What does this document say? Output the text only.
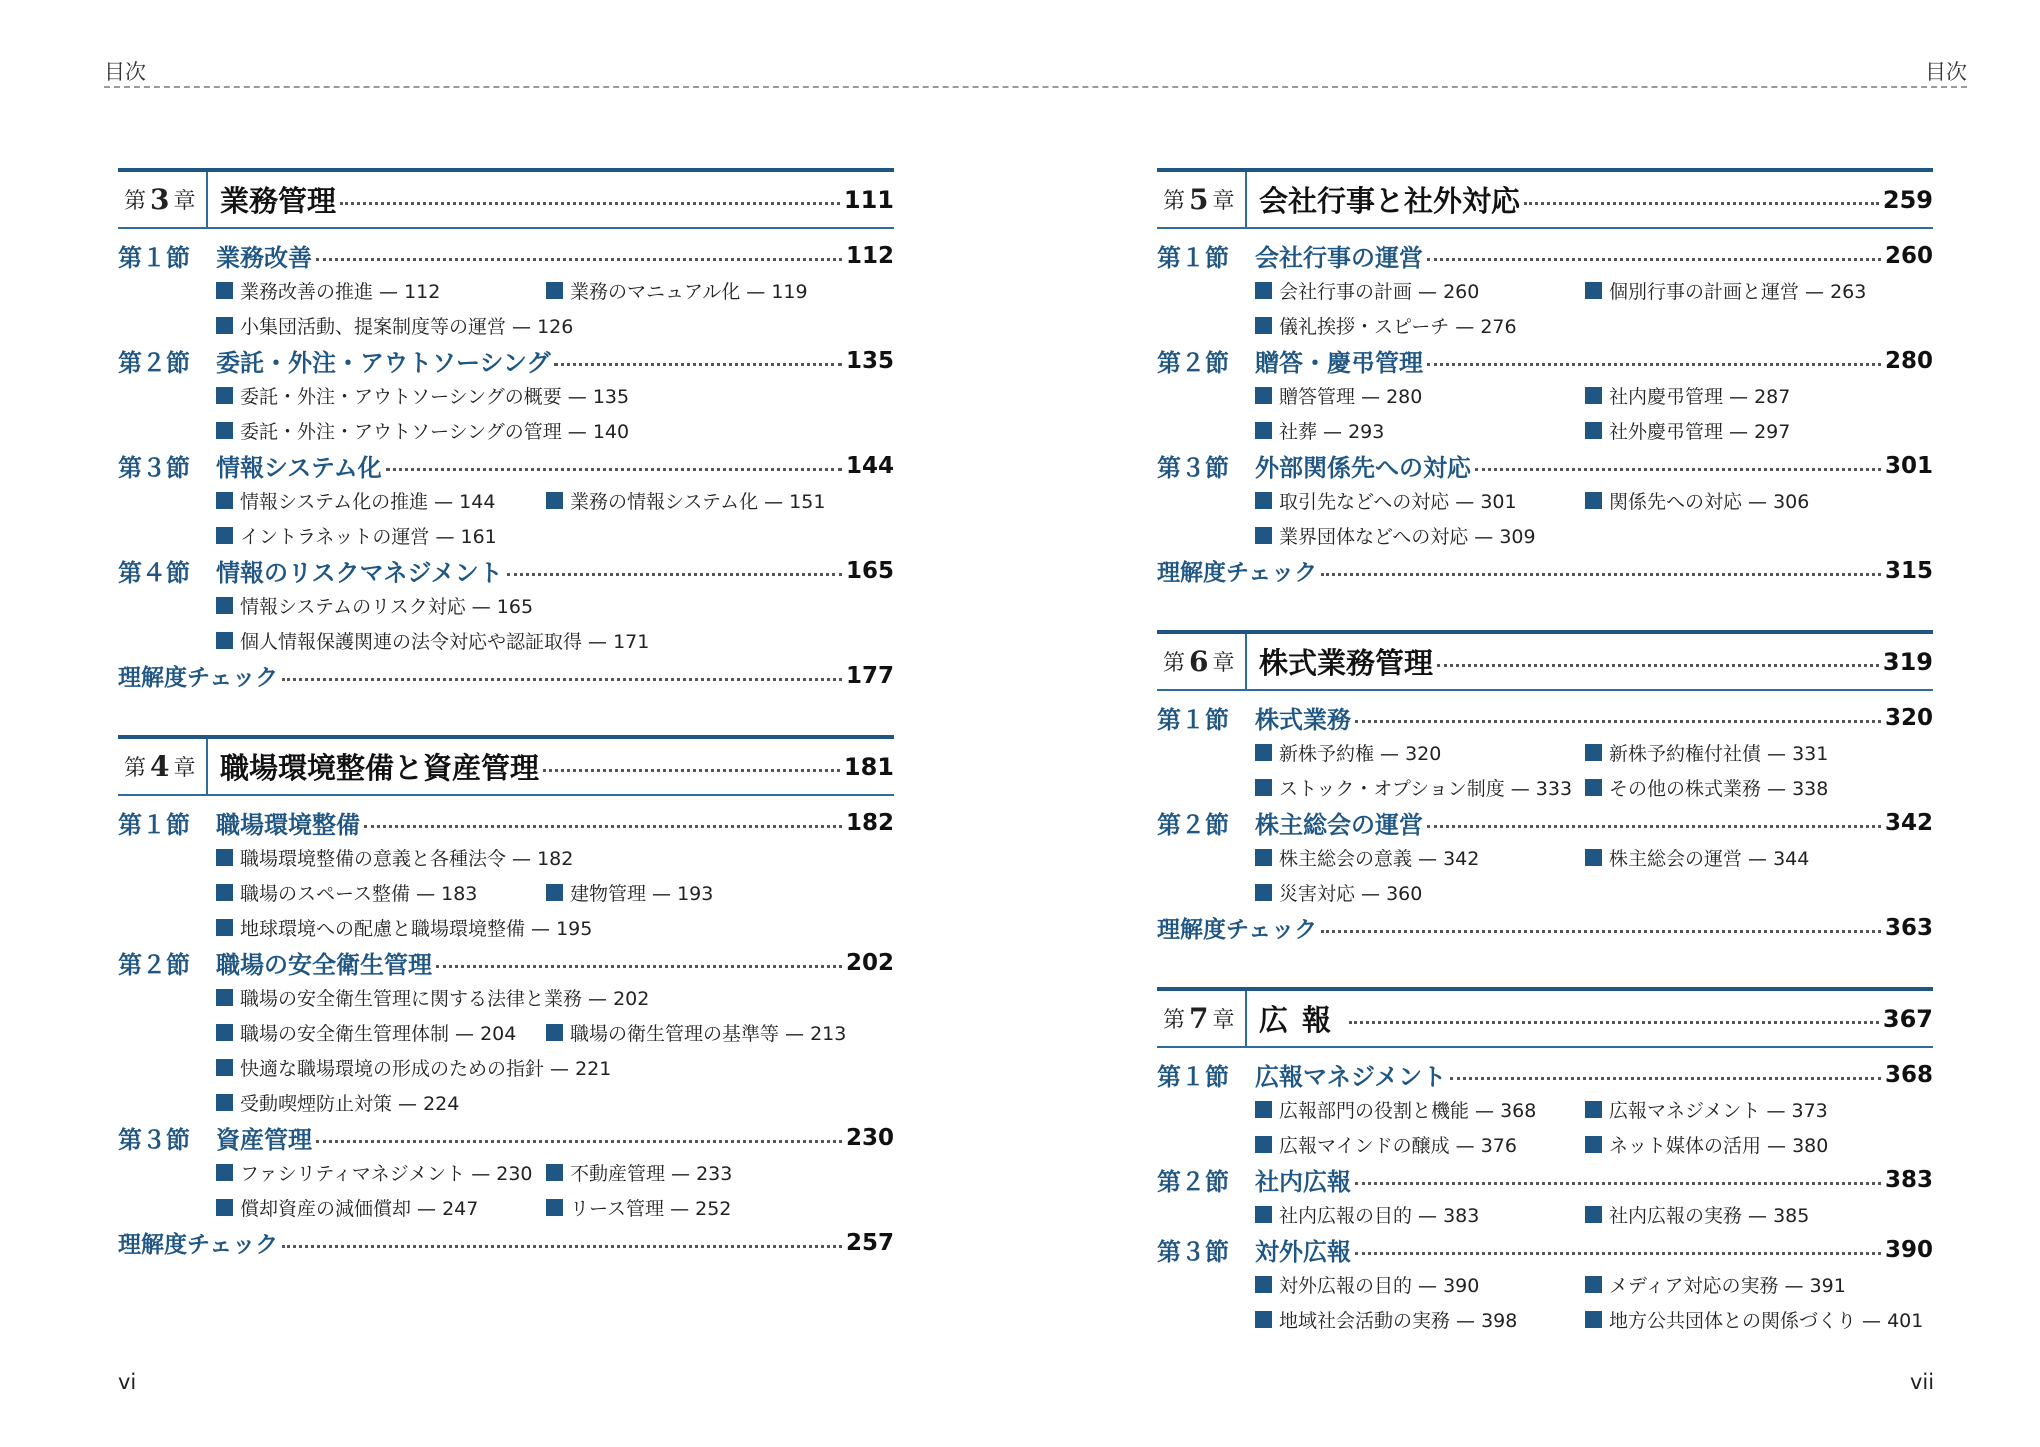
目次	目次
第 3 章 業務管理	111
第１節	業務改善	112
業務改善の推進 — 112	業務のマニュアル化 — 119
小集団活動、提案制度等の運営 — 126
第２節	委託・外注・アウトソーシング	135
委託・外注・アウトソーシングの概要 — 135
委託・外注・アウトソーシングの管理 — 140
第３節	情報システム化	144
情報システム化の推進 — 144	業務の情報システム化 — 151
イントラネットの運営 — 161
第４節	情報のリスクマネジメント	165
情報システムのリスク対応 — 165
個人情報保護関連の法令対応や認証取得 — 171
理解度チェック	177
第 4 章 職場環境整備と資産管理	181
第１節	職場環境整備	182
職場環境整備の意義と各種法令 — 182
職場のスペース整備 — 183	建物管理 — 193
地球環境への配慮と職場環境整備 — 195
第２節	職場の安全衛生管理	202
職場の安全衛生管理に関する法律と業務 — 202
職場の安全衛生管理体制 — 204	職場の衛生管理の基準等 — 213
快適な職場環境の形成のための指針 — 221
受動喫煙防止対策 — 224
第３節	資産管理	230
ファシリティマネジメント — 230 不動産管理 — 233
償却資産の減価償却 — 247	リース管理 — 252
理解度チェック	257
第 5 章 会社行事と社外対応	259
第１節	会社行事の運営	260
会社行事の計画 — 260	個別行事の計画と運営 — 263
儀礼挨拶・スピーチ — 276
第２節	贈答・慶弔管理	280
贈答管理 — 280	社内慶弔管理 — 287
社葬 — 293	社外慶弔管理 — 297
第３節	外部関係先への対応	301
取引先などへの対応 — 301	関係先への対応 — 306
業界団体などへの対応 — 309
理解度チェック	315
第 6 章 株式業務管理	319
第１節	株式業務	320
新株予約権 — 320	新株予約権付社債 — 331
ストック・オプション制度 — 333 その他の株式業務 — 338
第２節	株主総会の運営	342
株主総会の意義 — 342	株主総会の運営 — 344
災害対応 — 360
理解度チェック	363
第 7 章 広報	367
第１節	広報マネジメント	368
広報部門の役割と機能 — 368	広報マネジメント — 373
広報マインドの醸成 — 376	ネット媒体の活用 — 380
第２節	社内広報	383
社内広報の目的 — 383	社内広報の実務 — 385
第３節	対外広報	390
対外広報の目的 — 390	メディア対応の実務 — 391
地域社会活動の実務 — 398	地方公共団体との関係づくり — 401
vi	vii
